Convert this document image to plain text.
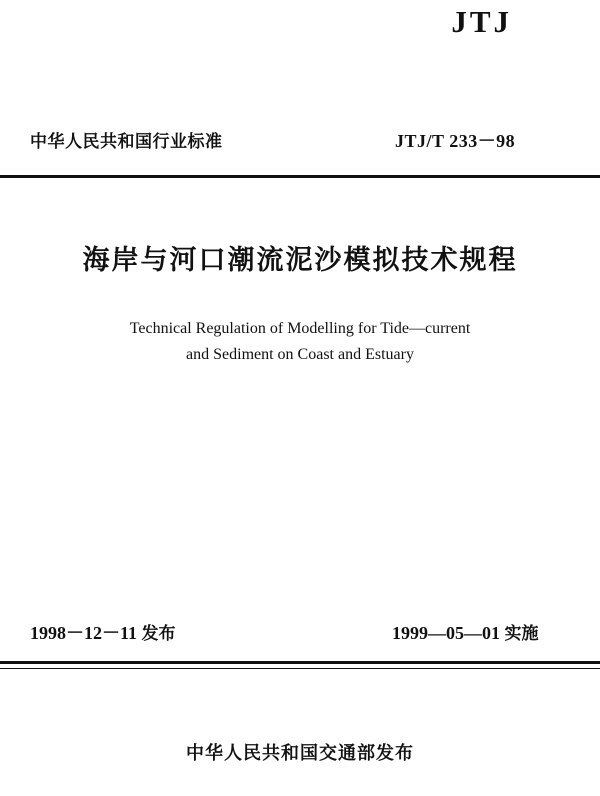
JTJ
中华人民共和国行业标准	JTJ/T 233－98
海岸与河口潮流泥沙模拟技术规程
Technical Regulation of Modelling for Tide—current
and Sediment on Coast and Estuary
1998－12－11 发布	1999—05—01 实施
中华人民共和国交通部发布
